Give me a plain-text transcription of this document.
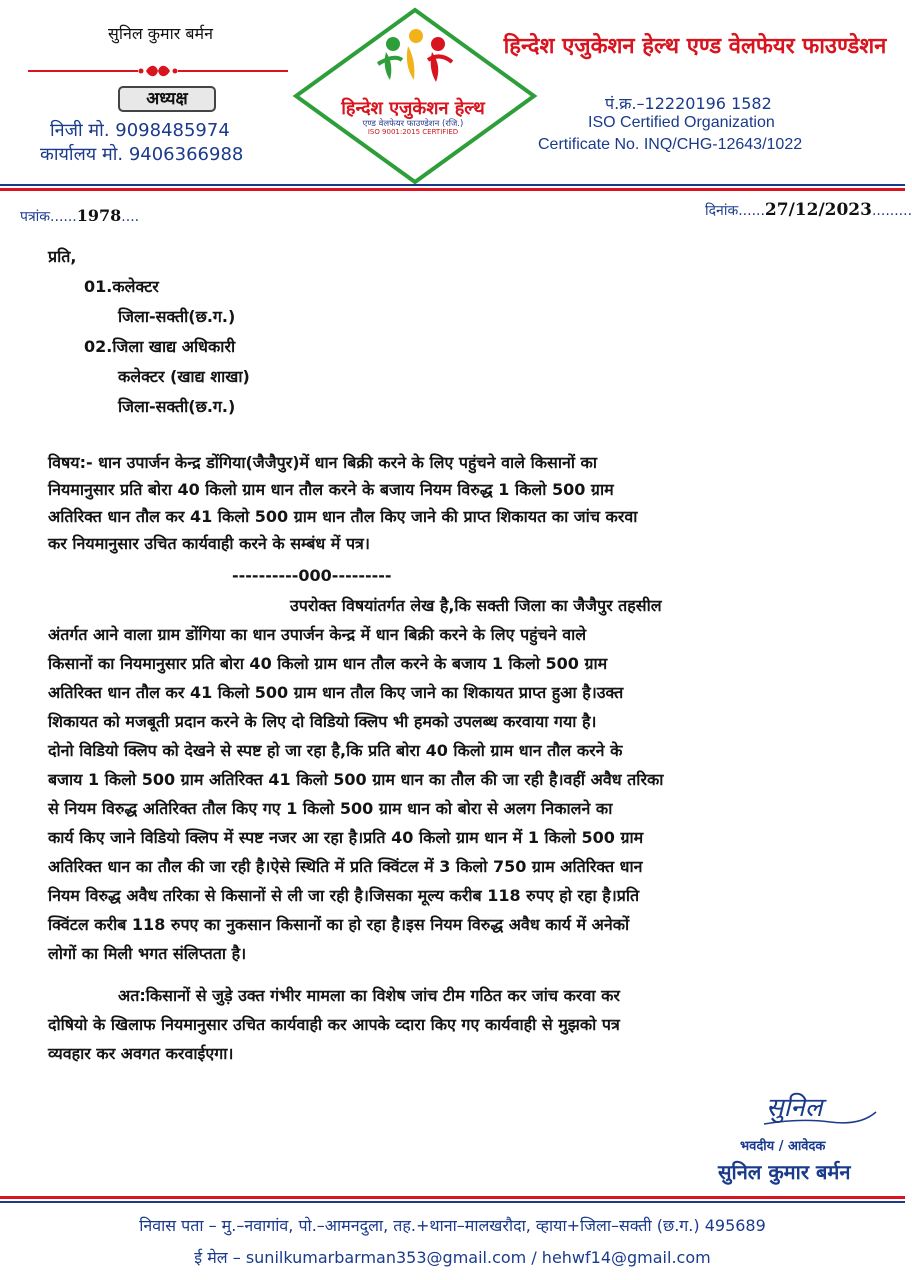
सुनिल कुमार बर्मन
अध्यक्ष
निजी मो. 9098485974
कार्यालय मो. 9406366988
हिन्देश एजुकेशन हेल्थ
एण्ड वेलफेयर फाउण्डेशन (रजि.)
ISO 9001:2015 CERTIFIED
हिन्देश एजुकेशन हेल्थ एण्ड वेलफेयर फाउण्डेशन
पं.क्र.–12220196 1582
ISO Certified Organization
Certificate No. INQ/CHG-12643/1022
पत्रांक......1978....	दिनांक......27/12/2023.........
प्रति,
01.कलेक्टर
जिला-सक्ती(छ.ग.)
02.जिला खाद्य अधिकारी
कलेक्टर (खाद्य शाखा)
जिला-सक्ती(छ.ग.)
विषय:- धान उपार्जन केन्द्र डोंगिया(जैजैपुर)में धान बिक्री करने के लिए पहुंचने वाले किसानों का
नियमानुसार प्रति बोरा 40 किलो ग्राम धान तौल करने के बजाय नियम विरुद्ध 1 किलो 500 ग्राम
अतिरिक्त धान तौल कर 41 किलो 500 ग्राम धान तौल किए जाने की प्राप्त शिकायत का जांच करवा
कर नियमानुसार उचित कार्यवाही करने के सम्बंध में पत्र।
----------000---------
उपरोक्त विषयांतर्गत लेख है,कि सक्ती जिला का जैजैपुर तहसील
अंतर्गत आने वाला ग्राम डोंगिया का धान उपार्जन केन्द्र में धान बिक्री करने के लिए पहुंचने वाले
किसानों का नियमानुसार प्रति बोरा 40 किलो ग्राम धान तौल करने के बजाय 1 किलो 500 ग्राम
अतिरिक्त धान तौल कर 41 किलो 500 ग्राम धान तौल किए जाने का शिकायत प्राप्त हुआ है।उक्त
शिकायत को मजबूती प्रदान करने के लिए दो विडियो क्लिप भी हमको उपलब्ध करवाया गया है।
दोनो विडियो क्लिप को देखने से स्पष्ट हो जा रहा है,कि प्रति बोरा 40 किलो ग्राम धान तौल करने के
बजाय 1 किलो 500 ग्राम अतिरिक्त 41 किलो 500 ग्राम धान का तौल की जा रही है।वहीं अवैध तरिका
से नियम विरुद्ध अतिरिक्त तौल किए गए 1 किलो 500 ग्राम धान को बोरा से अलग निकालने का
कार्य किए जाने विडियो क्लिप में स्पष्ट नजर आ रहा है।प्रति 40 किलो ग्राम धान में 1 किलो 500 ग्राम
अतिरिक्त धान का तौल की जा रही है।ऐसे स्थिति में प्रति क्विंटल में 3 किलो 750 ग्राम अतिरिक्त धान
नियम विरुद्ध अवैध तरिका से किसानों से ली जा रही है।जिसका मूल्य करीब 118 रुपए हो रहा है।प्रति
क्विंटल करीब 118 रुपए का नुकसान किसानों का हो रहा है।इस नियम विरुद्ध अवैध कार्य में अनेकों
लोगों का मिली भगत संलिप्तता है।
अत:किसानों से जुड़े उक्त गंभीर मामला का विशेष जांच टीम गठित कर जांच करवा कर
दोषियो के खिलाफ नियमानुसार उचित कार्यवाही कर आपके व्दारा किए गए कार्यवाही से मुझको पत्र
व्यवहार कर अवगत करवाईएगा।
सुनिल
भवदीय / आवेदक
सुनिल कुमार बर्मन
निवास पता – मु.–नवागांव, पो.–आमनदुला, तह.+थाना–मालखरौदा, व्हाया+जिला–सक्ती (छ.ग.) 495689
ई मेल – sunilkumarbarman353@gmail.com / hehwf14@gmail.com
